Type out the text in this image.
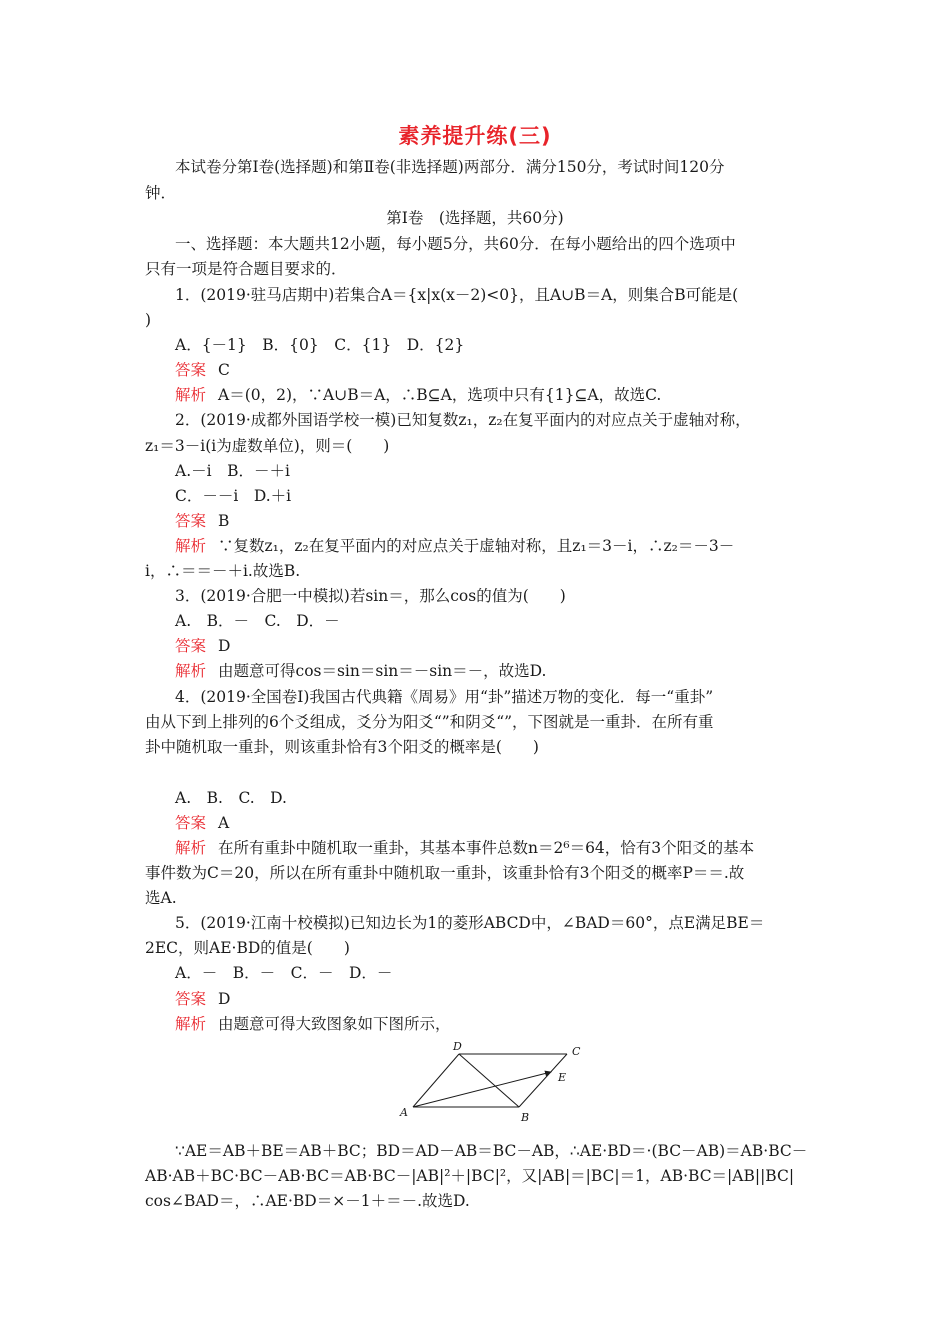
素养提升练(三)
本试卷分第Ⅰ卷(选择题)和第Ⅱ卷(非选择题)两部分．满分150分，考试时间120分
钟．
第Ⅰ卷　(选择题，共60分)
一、选择题：本大题共12小题，每小题5分，共60分．在每小题给出的四个选项中
只有一项是符合题目要求的．
1．(2019·驻马店期中)若集合A＝{x|x(x－2)<0}，且A∪B＝A，则集合B可能是(
)
A．{－1}　B．{0}　C．{1}　D．{2}
答案 C
解析 A＝(0，2)，∵A∪B＝A，∴B⊆A，选项中只有{1}⊆A，故选C.
2．(2019·成都外国语学校一模)已知复数z₁，z₂在复平面内的对应点关于虚轴对称，
z₁＝3－i(i为虚数单位)，则＝(　　)
A.－i　B．－＋i
C．－－i　D.＋i
答案 B
解析 ∵复数z₁，z₂在复平面内的对应点关于虚轴对称，且z₁＝3－i，∴z₂＝－3－
i，∴＝＝－＋i.故选B.
3．(2019·合肥一中模拟)若sin＝，那么cos的值为(　　)
A.　B．－　C.　D．－
答案 D
解析 由题意可得cos＝sin＝sin＝－sin＝－，故选D.
4．(2019·全国卷Ⅰ)我国古代典籍《周易》用“卦”描述万物的变化．每一“重卦”
由从下到上排列的6个爻组成，爻分为阳爻“”和阴爻“”，下图就是一重卦．在所有重
卦中随机取一重卦，则该重卦恰有3个阳爻的概率是(　　)
A.　B.　C.　D.
答案 A
解析 在所有重卦中随机取一重卦，其基本事件总数n＝2⁶＝64，恰有3个阳爻的基本
事件数为C＝20，所以在所有重卦中随机取一重卦，该重卦恰有3个阳爻的概率P＝＝.故
选A.
5．(2019·江南十校模拟)已知边长为1的菱形ABCD中，∠BAD＝60°，点E满足BE＝
2EC，则AE·BD的值是(　　)
A．－　B．－　C．－　D．－
答案 D
解析 由题意可得大致图象如下图所示，
A	B
C
D
E
∵AE＝AB＋BE＝AB＋BC；BD＝AD－AB＝BC－AB，∴AE·BD＝·(BC－AB)＝AB·BC－
AB·AB＋BC·BC－AB·BC＝AB·BC－|AB|²＋|BC|²，又|AB|＝|BC|＝1，AB·BC＝|AB||BC|
cos∠BAD＝，∴AE·BD＝×－1＋＝－.故选D.
